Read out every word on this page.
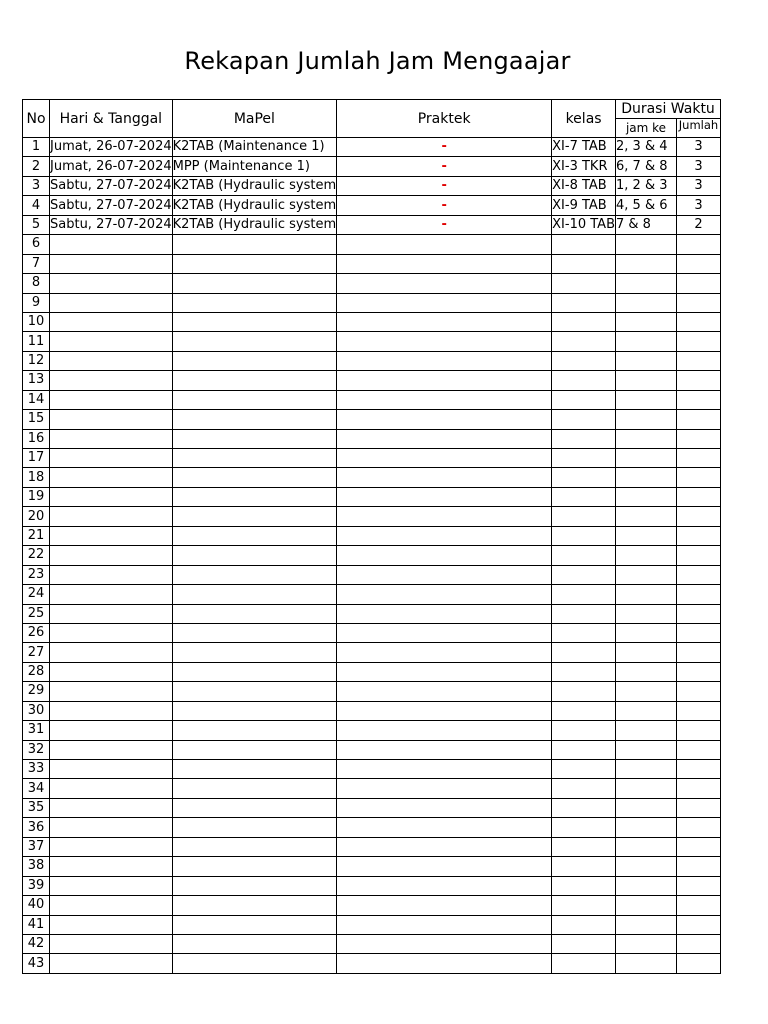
Rekapan Jumlah Jam Mengaajar
No	Hari & Tanggal	MaPel	Praktek	kelas	Durasi Waktu	
					jam ke	Jumlah
1	Jumat, 26-07-2024	K2TAB (Maintenance 1)	-	XI-7 TAB	2, 3 & 4	3
2	Jumat, 26-07-2024	MPP (Maintenance 1)	-	XI-3 TKR	6, 7 & 8	3
3	Sabtu, 27-07-2024	K2TAB (Hydraulic system	-	XI-8 TAB	1, 2 & 3	3
4	Sabtu, 27-07-2024	K2TAB (Hydraulic system	-	XI-9 TAB	4, 5 & 6	3
5	Sabtu, 27-07-2024	K2TAB (Hydraulic system	-	XI-10 TAB	7 & 8	2
6						
7						
8						
9						
10						
11						
12						
13						
14						
15						
16						
17						
18						
19						
20						
21						
22						
23						
24						
25						
26						
27						
28						
29						
30						
31						
32						
33						
34						
35						
36						
37						
38						
39						
40						
41						
42						
43						
